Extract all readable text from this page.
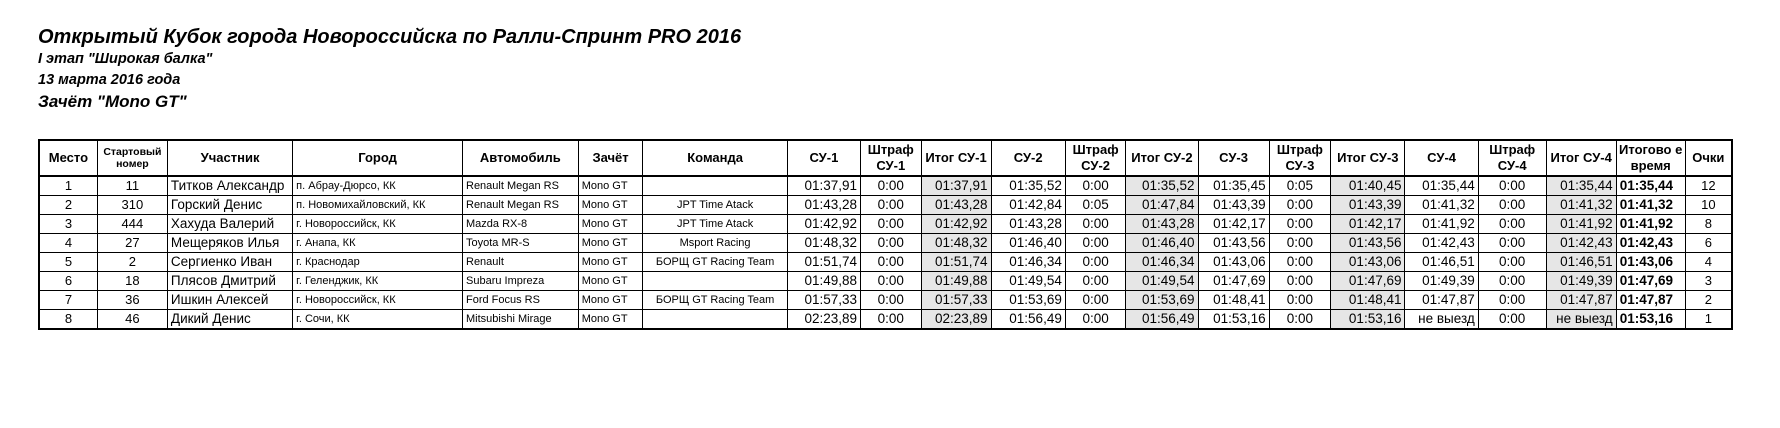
Открытый Кубок города Новороссийска по Ралли-Спринт PRO 2016
I этап "Широкая балка"
13 марта 2016 года
Зачёт "Mono GT"
Место	Стартовый номер	Участник	Город	Автомобиль	Зачёт	Команда	СУ-1	Штраф СУ-1	Итог СУ-1	СУ-2	Штраф СУ-2	Итог СУ-2	СУ-3	Штраф СУ-3	Итог СУ-3	СУ-4	Штраф СУ-4	Итог СУ-4	Итогово е время	Очки
1	11	Титков Александр	п. Абрау-Дюрсо, КК	Renault Megan RS	Mono GT		01:37,91	0:00	01:37,91	01:35,52	0:00	01:35,52	01:35,45	0:05	01:40,45	01:35,44	0:00	01:35,44	01:35,44	12
2	310	Горский Денис	п. Новомихайловский, КК	Renault Megan RS	Mono GT	JPT Time Atack	01:43,28	0:00	01:43,28	01:42,84	0:05	01:47,84	01:43,39	0:00	01:43,39	01:41,32	0:00	01:41,32	01:41,32	10
3	444	Хахуда Валерий	г. Новороссийск, КК	Mazda RX-8	Mono GT	JPT Time Atack	01:42,92	0:00	01:42,92	01:43,28	0:00	01:43,28	01:42,17	0:00	01:42,17	01:41,92	0:00	01:41,92	01:41,92	8
4	27	Мещеряков Илья	г. Анапа, КК	Toyota MR-S	Mono GT	Msport Racing	01:48,32	0:00	01:48,32	01:46,40	0:00	01:46,40	01:43,56	0:00	01:43,56	01:42,43	0:00	01:42,43	01:42,43	6
5	2	Сергиенко Иван	г. Краснодар	Renault	Mono GT	БОРЩ GT Racing Team	01:51,74	0:00	01:51,74	01:46,34	0:00	01:46,34	01:43,06	0:00	01:43,06	01:46,51	0:00	01:46,51	01:43,06	4
6	18	Плясов Дмитрий	г. Геленджик, КК	Subaru Impreza	Mono GT		01:49,88	0:00	01:49,88	01:49,54	0:00	01:49,54	01:47,69	0:00	01:47,69	01:49,39	0:00	01:49,39	01:47,69	3
7	36	Ишкин Алексей	г. Новороссийск, КК	Ford Focus RS	Mono GT	БОРЩ GT Racing Team	01:57,33	0:00	01:57,33	01:53,69	0:00	01:53,69	01:48,41	0:00	01:48,41	01:47,87	0:00	01:47,87	01:47,87	2
8	46	Дикий Денис	г. Сочи, КК	Mitsubishi Mirage	Mono GT		02:23,89	0:00	02:23,89	01:56,49	0:00	01:56,49	01:53,16	0:00	01:53,16	не выезд	0:00	не выезд	01:53,16	1
